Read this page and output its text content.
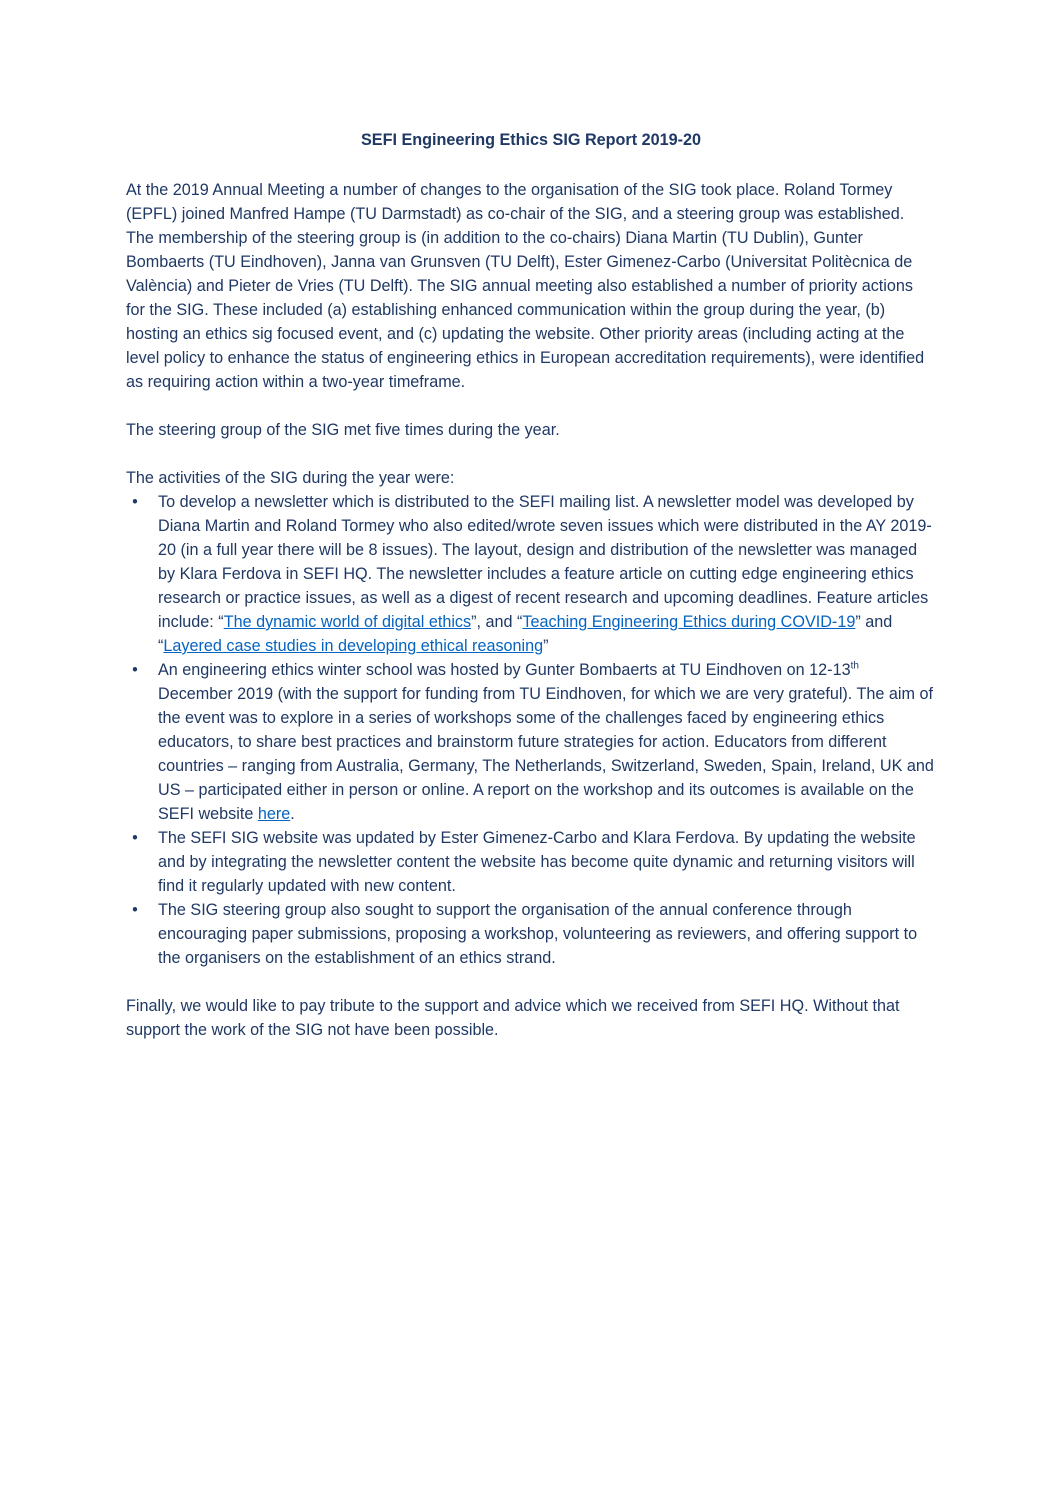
SEFI Engineering Ethics SIG Report 2019-20

At the 2019 Annual Meeting a number of changes to the organisation of the SIG took place. Roland Tormey (EPFL) joined Manfred Hampe (TU Darmstadt) as co-chair of the SIG, and a steering group was established. The membership of the steering group is (in addition to the co-chairs) Diana Martin (TU Dublin), Gunter Bombaerts (TU Eindhoven), Janna van Grunsven (TU Delft), Ester Gimenez-Carbo (Universitat Politècnica de València) and Pieter de Vries (TU Delft). The SIG annual meeting also established a number of priority actions for the SIG. These included (a) establishing enhanced communication within the group during the year, (b) hosting an ethics sig focused event, and (c) updating the website. Other priority areas (including acting at the level policy to enhance the status of engineering ethics in European accreditation requirements), were identified as requiring action within a two-year timeframe.

The steering group of the SIG met five times during the year.

The activities of the SIG during the year were:

• To develop a newsletter which is distributed to the SEFI mailing list. A newsletter model was developed by Diana Martin and Roland Tormey who also edited/wrote seven issues which were distributed in the AY 2019-20 (in a full year there will be 8 issues). The layout, design and distribution of the newsletter was managed by Klara Ferdova in SEFI HQ. The newsletter includes a feature article on cutting edge engineering ethics research or practice issues, as well as a digest of recent research and upcoming deadlines. Feature articles include: “The dynamic world of digital ethics”, and “Teaching Engineering Ethics during COVID-19” and “Layered case studies in developing ethical reasoning”
• An engineering ethics winter school was hosted by Gunter Bombaerts at TU Eindhoven on 12-13th December 2019 (with the support for funding from TU Eindhoven, for which we are very grateful). The aim of the event was to explore in a series of workshops some of the challenges faced by engineering ethics educators, to share best practices and brainstorm future strategies for action. Educators from different countries – ranging from Australia, Germany, The Netherlands, Switzerland, Sweden, Spain, Ireland, UK and US – participated either in person or online. A report on the workshop and its outcomes is available on the SEFI website here.
• The SEFI SIG website was updated by Ester Gimenez-Carbo and Klara Ferdova. By updating the website and by integrating the newsletter content the website has become quite dynamic and returning visitors will find it regularly updated with new content.
• The SIG steering group also sought to support the organisation of the annual conference through encouraging paper submissions, proposing a workshop, volunteering as reviewers, and offering support to the organisers on the establishment of an ethics strand.

Finally, we would like to pay tribute to the support and advice which we received from SEFI HQ. Without that support the work of the SIG not have been possible.
